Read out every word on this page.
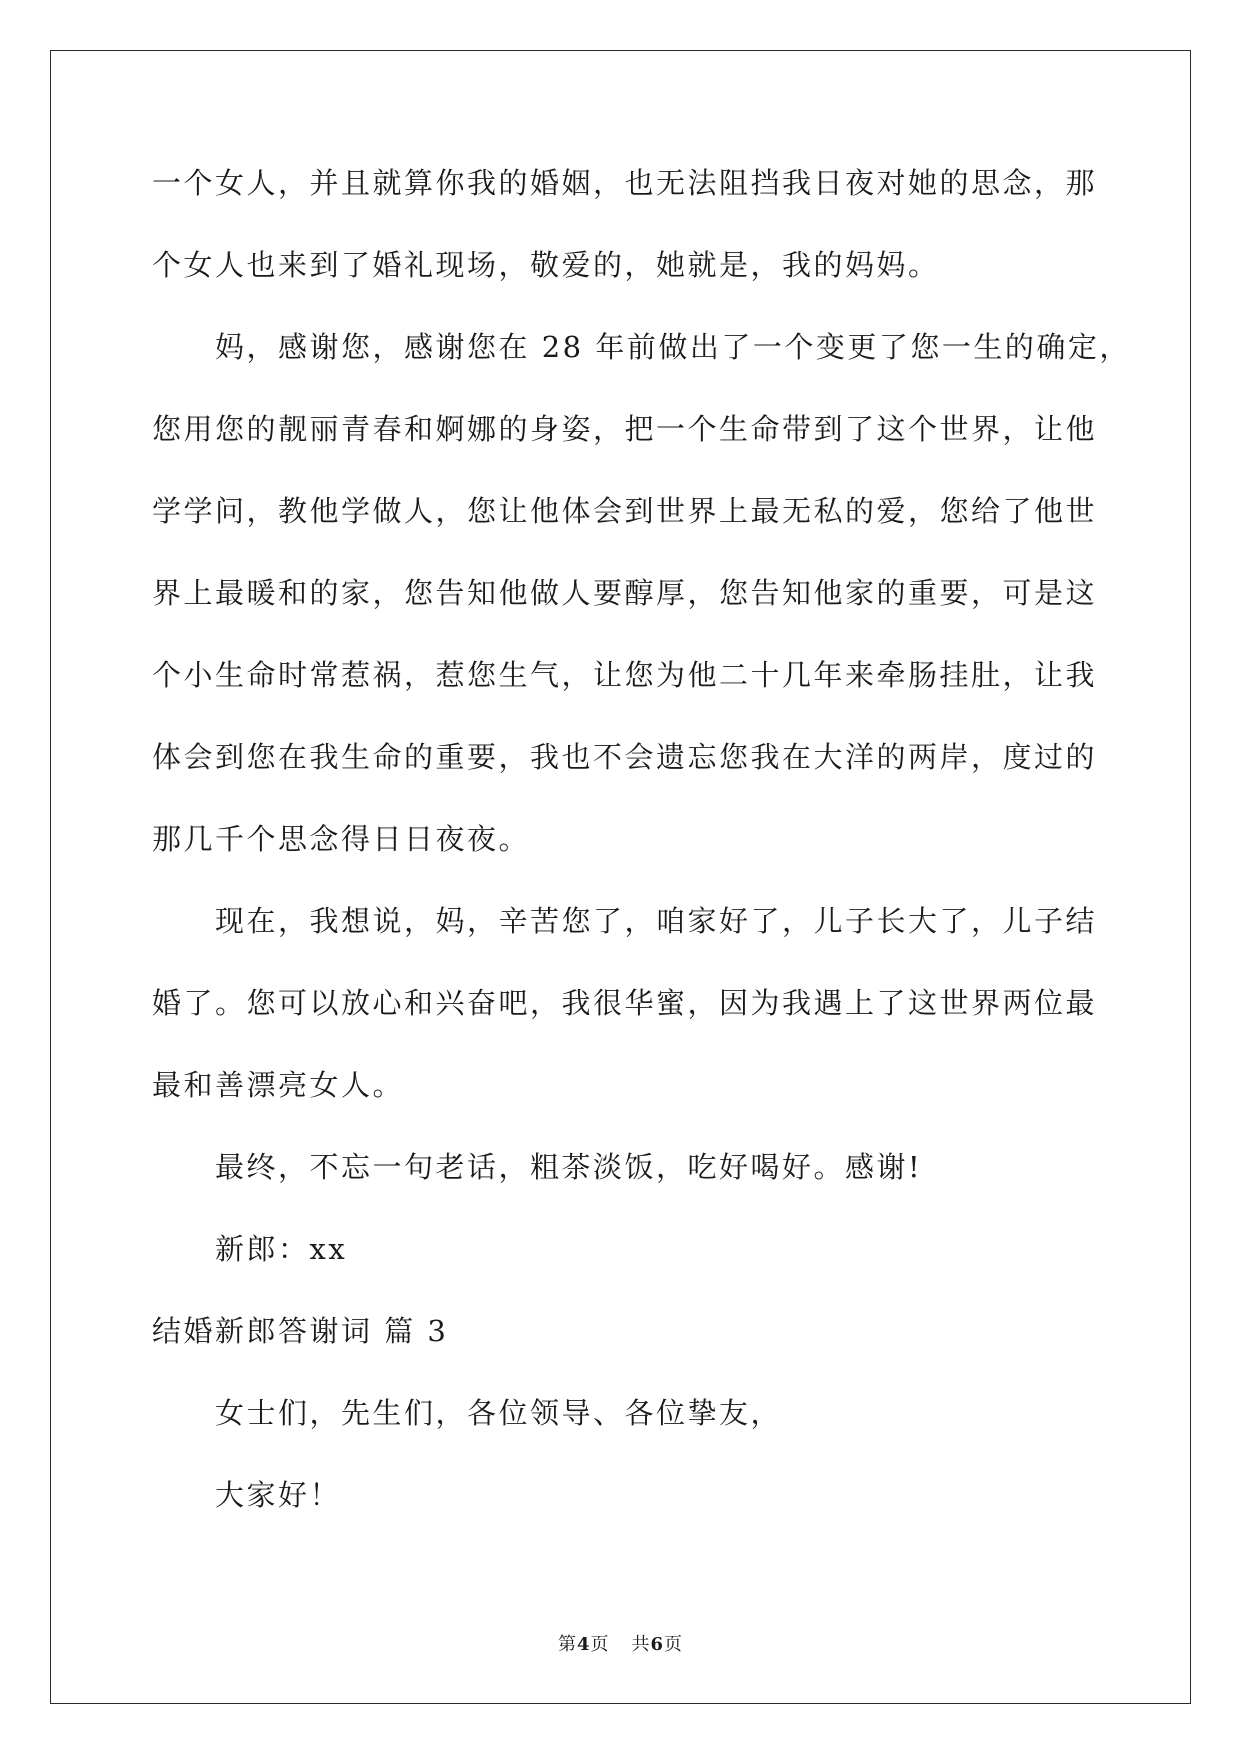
一个女人，并且就算你我的婚姻，也无法阻挡我日夜对她的思念，那
个女人也来到了婚礼现场，敬爱的，她就是，我的妈妈。
妈，感谢您，感谢您在 28 年前做出了一个变更了您一生的确定，
您用您的靓丽青春和婀娜的身姿，把一个生命带到了这个世界，让他
学学问，教他学做人，您让他体会到世界上最无私的爱，您给了他世
界上最暖和的家，您告知他做人要醇厚，您告知他家的重要，可是这
个小生命时常惹祸，惹您生气，让您为他二十几年来牵肠挂肚，让我
体会到您在我生命的重要，我也不会遗忘您我在大洋的两岸，度过的
那几千个思念得日日夜夜。
现在，我想说，妈，辛苦您了，咱家好了，儿子长大了，儿子结
婚了。您可以放心和兴奋吧，我很华蜜，因为我遇上了这世界两位最
最和善漂亮女人。
最终，不忘一句老话，粗茶淡饭，吃好喝好。感谢!
新郎：xx
结婚新郎答谢词 篇 3
女士们，先生们，各位领导、各位挚友，
大家好！
第4页 共6页
